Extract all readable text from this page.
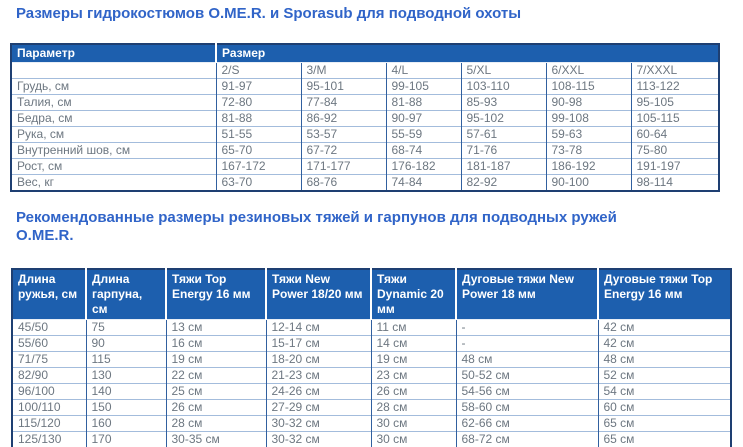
Размеры гидрокостюмов O.ME.R. и Sporasub для подводной охоты
Параметр	Размер					
	2/S	3/M	4/L	5/XL	6/XXL	7/XXXL
Грудь, см	91-97	95-101	99-105	103-110	108-115	113-122
Талия, см	72-80	77-84	81-88	85-93	90-98	95-105
Бедра, см	81-88	86-92	90-97	95-102	99-108	105-115
Рука, см	51-55	53-57	55-59	57-61	59-63	60-64
Внутренний шов, см	65-70	67-72	68-74	71-76	73-78	75-80
Рост, см	167-172	171-177	176-182	181-187	186-192	191-197
Вес, кг	63-70	68-76	74-84	82-92	90-100	98-114
Рекомендованные размеры резиновых тяжей и гарпунов для подводных ружей
O.ME.R.
Длина ружья, см	Длина гарпуна, см	Тяжи Top Energy 16 мм	Тяжи New Power 18/20 мм	Тяжи Dynamic 20 мм	Дуговые тяжи New Power 18 мм	Дуговые тяжи Top Energy 16 мм
45/50	75	13 см	12-14 см	11 см	-	42 см
55/60	90	16 см	15-17 см	14 см	-	42 см
71/75	115	19 см	18-20 см	19 см	48 см	48 см
82/90	130	22 см	21-23 см	23 см	50-52 см	52 см
96/100	140	25 см	24-26 см	26 см	54-56 см	54 см
100/110	150	26 см	27-29 см	28 см	58-60 см	60 см
115/120	160	28 см	30-32 см	30 см	62-66 см	65 см
125/130	170	30-35 см	30-32 см	30 см	68-72 см	65 см
